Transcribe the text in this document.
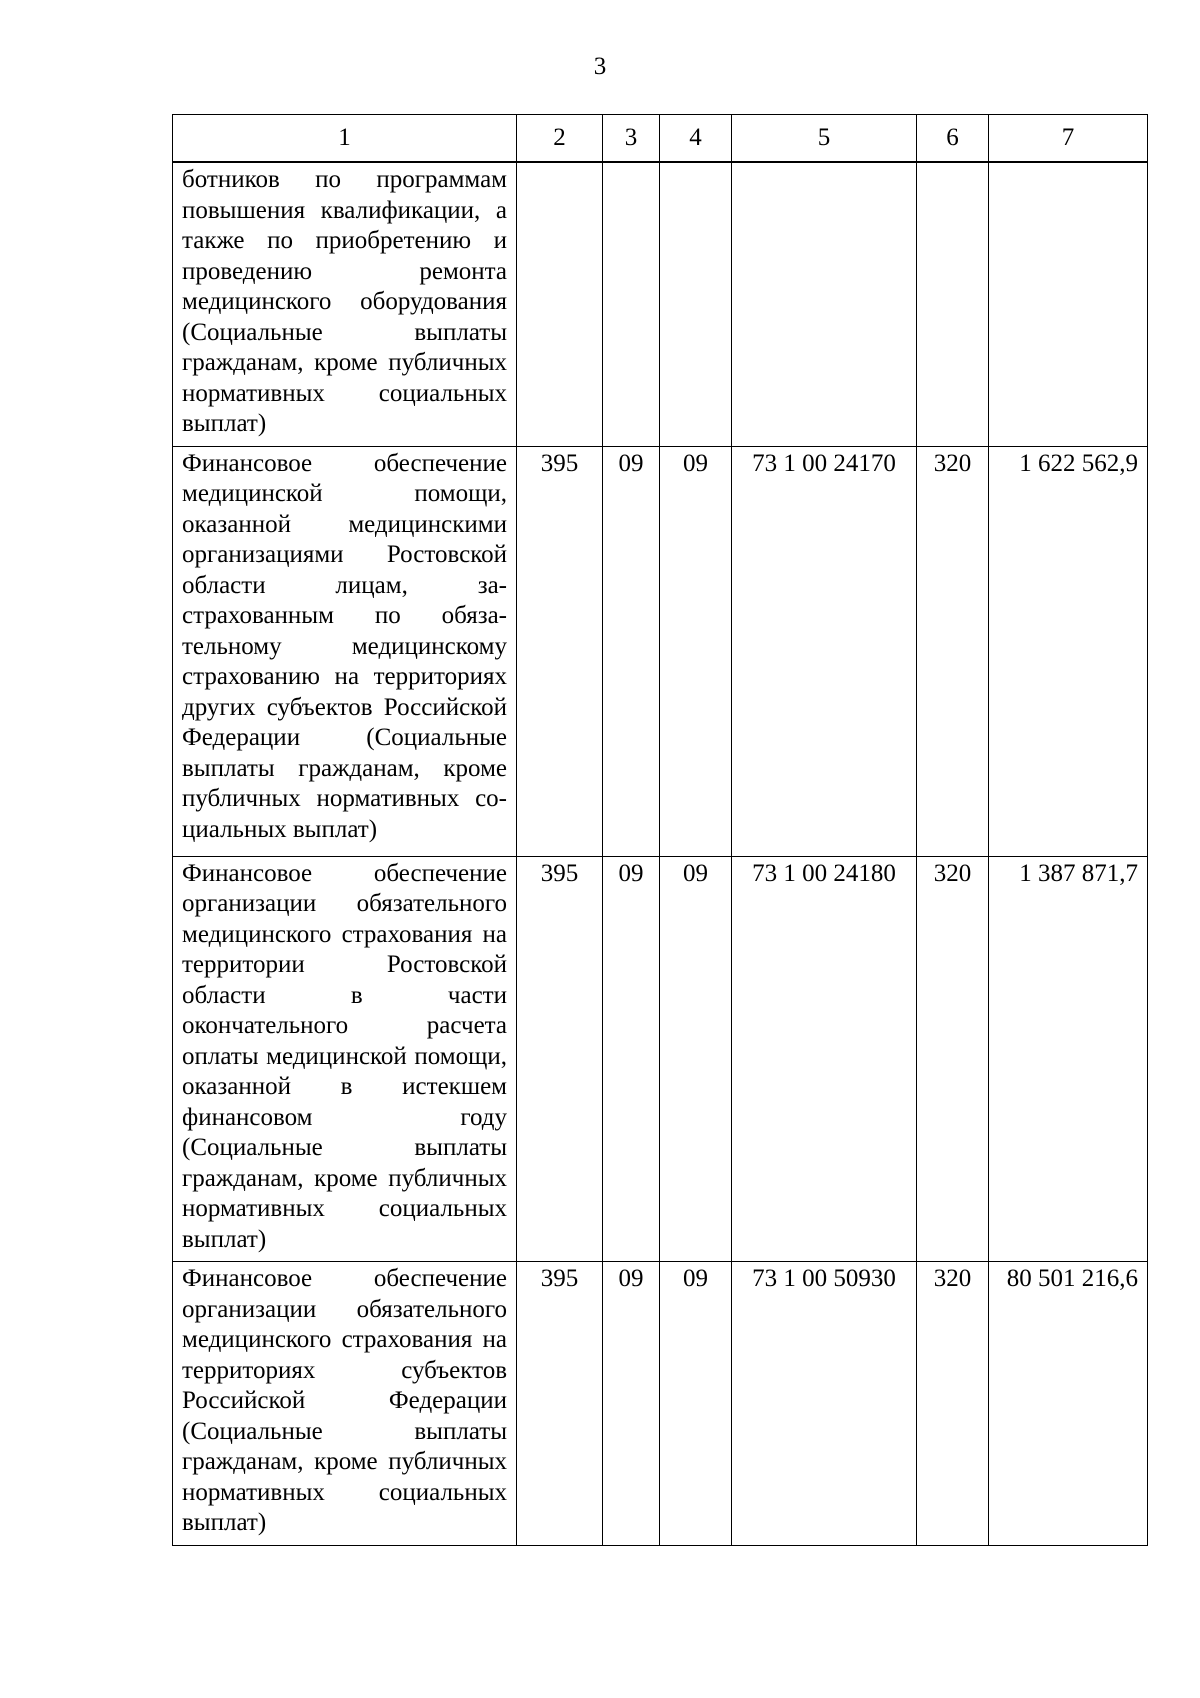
3
1	2	3	4	5	6	7
ботников по программам повышения квалификации, а также по приобретению и проведению ремонта медицинского оборудования (Социальные выплаты гражданам, кроме публичных нормативных социальных выплат)						
Финансовое обеспечение медицинской помощи, оказанной медицинскими организациями Ростовской области лицам, застрахованным по обязательному медицинскому страхованию на территориях других субъектов Российской Федерации (Социальные выплаты гражданам, кроме публичных нормативных социальных выплат)	395	09	09	73 1 00 24170	320	1 622 562,9
Финансовое обеспечение организации обязательного медицинского страхования на территории Ростовской области в части окончательного расчета оплаты медицинской помощи, оказанной в истекшем финансовом году (Социальные выплаты гражданам, кроме публичных нормативных социальных выплат)	395	09	09	73 1 00 24180	320	1 387 871,7
Финансовое обеспечение организации обязательного медицинского страхования на территориях субъектов Российской Федерации (Социальные выплаты гражданам, кроме публичных нормативных социальных выплат)	395	09	09	73 1 00 50930	320	80 501 216,6
